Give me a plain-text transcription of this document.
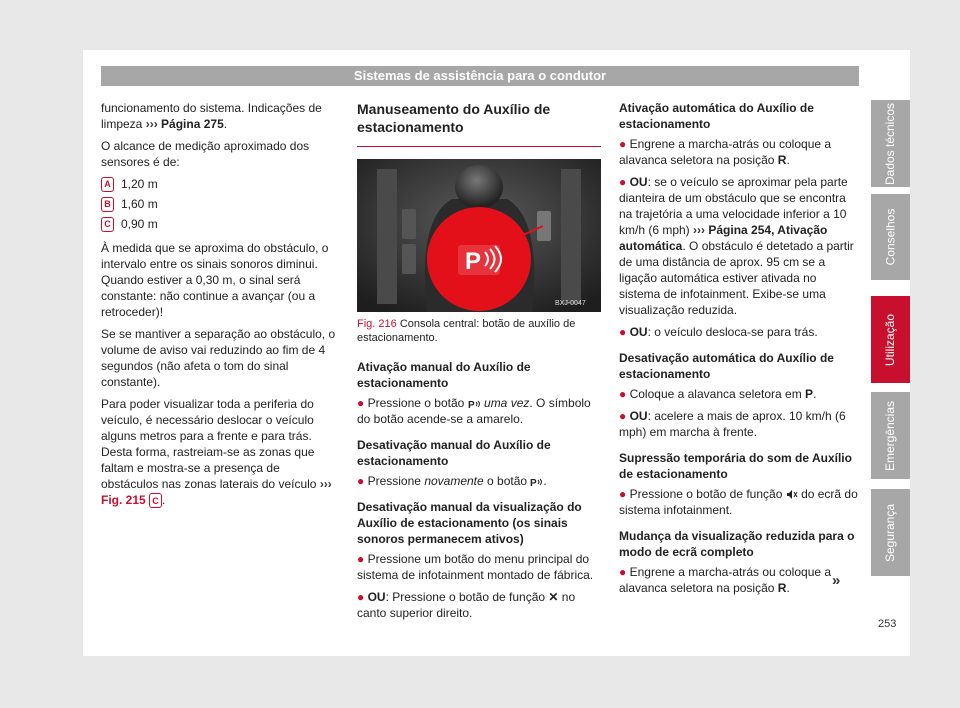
Sistemas de assistência para o condutor
Dados técnicos
Conselhos
Utilização
Emergências
Segurança

funcionamento do sistema. Indicações de limpeza ››› Página 275.

O alcance de medição aproximado dos sensores é de:

A 1,20 m
B 1,60 m
C 0,90 m

À medida que se aproxima do obstáculo, o intervalo entre os sinais sonoros diminui. Quando estiver a 0,30 m, o sinal será constante: não continue a avançar (ou a retroceder)!

Se se mantiver a separação ao obstáculo, o volume de aviso vai reduzindo ao fim de 4 segundos (não afeta o tom do sinal constante).

Para poder visualizar toda a periferia do veículo, é necessário deslocar o veículo alguns metros para a frente e para trás. Desta forma, rastreiam-se as zonas que faltam e mostra-se a presença de obstáculos nas zonas laterais do veículo ››› Fig. 215 C .

Manuseamento do Auxílio de estacionamento
P
BXJ-0047
Fig. 216 Consola central: botão de auxílio de estacionamento.
Ativação manual do Auxílio de estacionamento

● Pressione o botão P uma vez. O símbolo do botão acende-se a amarelo.

Desativação manual do Auxílio de estacionamento

● Pressione novamente o botão P .

Desativação manual da visualização do Auxílio de estacionamento (os sinais sonoros permanecem ativos)

● Pressione um botão do menu principal do sistema de infotainment montado de fábrica.

● OU: Pressione o botão de função ✕ no canto superior direito.

Ativação automática do Auxílio de estacionamento

● Engrene a marcha-atrás ou coloque a alavanca seletora na posição R.

● OU: se o veículo se aproximar pela parte dianteira de um obstáculo que se encontra na trajetória a uma velocidade inferior a 10 km/h (6 mph) ››› Página 254, Ativação automática. O obstáculo é detetado a partir de uma distância de aprox. 95 cm se a ligação automática estiver ativada no sistema de infotainment. Exibe-se uma visualização reduzida.

● OU: o veículo desloca-se para trás.

Desativação automática do Auxílio de estacionamento

● Coloque a alavanca seletora em P.

● OU: acelere a mais de aprox. 10 km/h (6 mph) em marcha à frente.

Supressão temporária do som de Auxílio de estacionamento

● Pressione o botão de função do ecrã do sistema infotainment.

Mudança da visualização reduzida para o modo de ecrã completo

● Engrene a marcha-atrás ou coloque a alavanca seletora na posição R.	»
253
